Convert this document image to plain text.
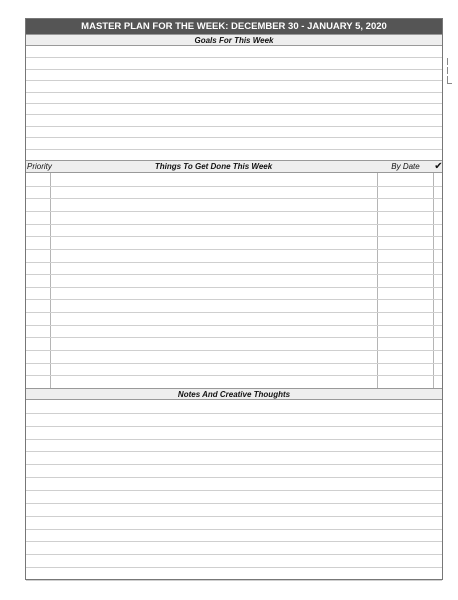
MASTER PLAN FOR THE WEEK: DECEMBER 30 - JANUARY 5, 2020
Goals For This Week
Priority	Things To Get Done This Week	By Date	✔
Notes And Creative Thoughts
